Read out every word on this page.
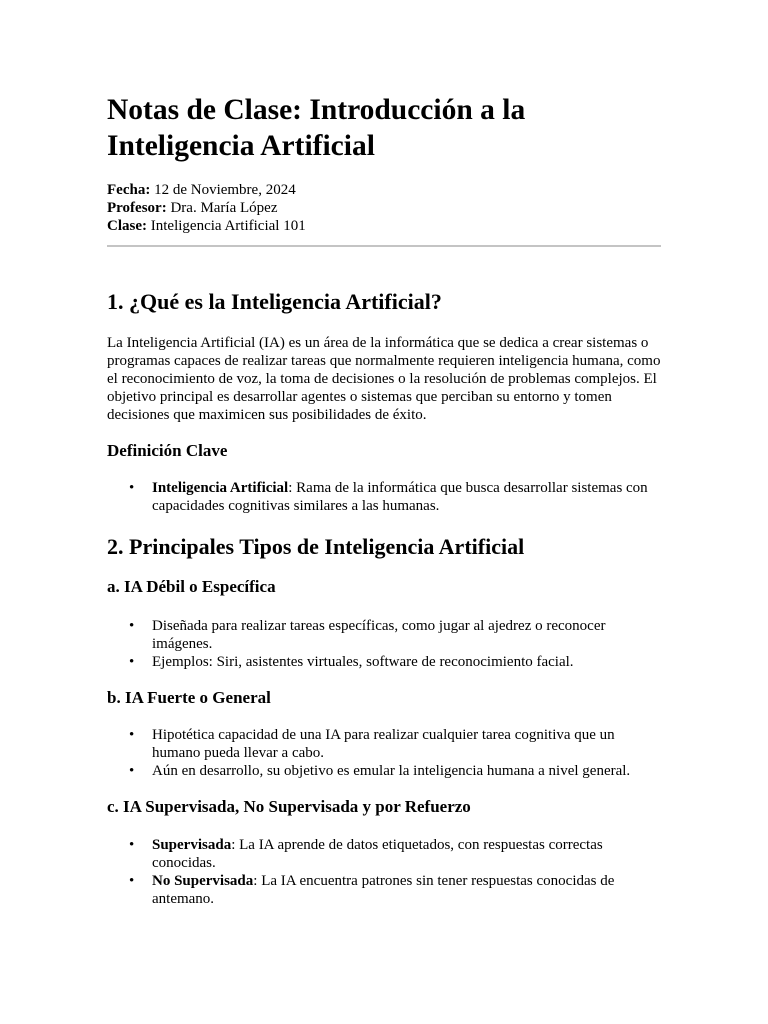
Notas de Clase: Introducción a la Inteligencia Artificial
Fecha: 12 de Noviembre, 2024
Profesor: Dra. María López
Clase: Inteligencia Artificial 101
1. ¿Qué es la Inteligencia Artificial?

La Inteligencia Artificial (IA) es un área de la informática que se dedica a crear sistemas o programas capaces de realizar tareas que normalmente requieren inteligencia humana, como el reconocimiento de voz, la toma de decisiones o la resolución de problemas complejos. El objetivo principal es desarrollar agentes o sistemas que perciban su entorno y tomen decisiones que maximicen sus posibilidades de éxito.

Definición Clave
• Inteligencia Artificial: Rama de la informática que busca desarrollar sistemas con capacidades cognitivas similares a las humanas.
2. Principales Tipos de Inteligencia Artificial
a. IA Débil o Específica
• Diseñada para realizar tareas específicas, como jugar al ajedrez o reconocer imágenes.
• Ejemplos: Siri, asistentes virtuales, software de reconocimiento facial.
b. IA Fuerte o General
• Hipotética capacidad de una IA para realizar cualquier tarea cognitiva que un humano pueda llevar a cabo.
• Aún en desarrollo, su objetivo es emular la inteligencia humana a nivel general.
c. IA Supervisada, No Supervisada y por Refuerzo
• Supervisada: La IA aprende de datos etiquetados, con respuestas correctas conocidas.
• No Supervisada: La IA encuentra patrones sin tener respuestas conocidas de antemano.
